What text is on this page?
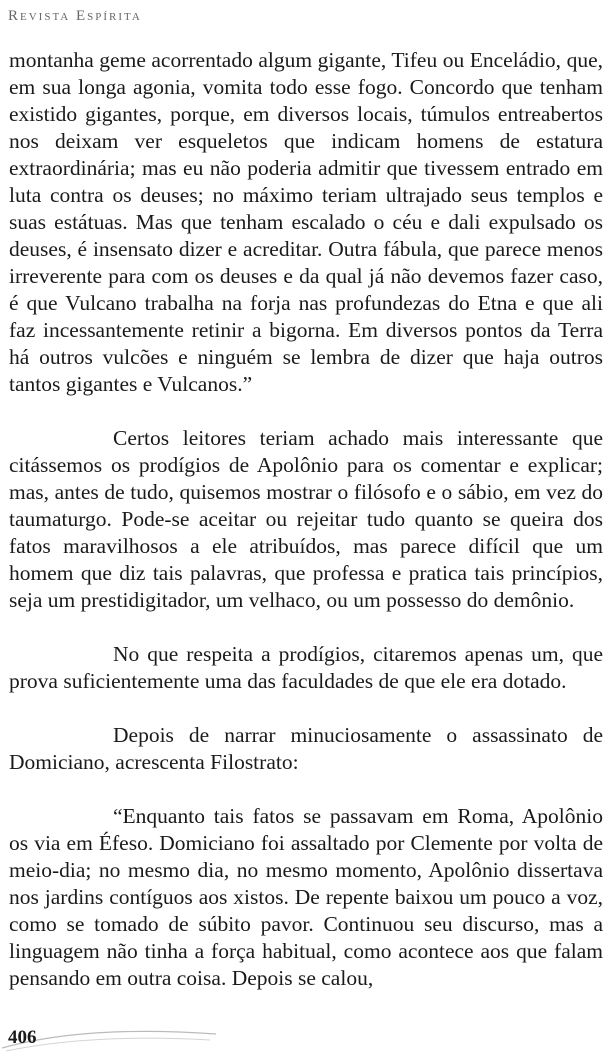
Revista Espírita

montanha geme acorrentado algum gigante, Tifeu ou Enceládio, que, em sua longa agonia, vomita todo esse fogo. Concordo que tenham existido gigantes, porque, em diversos locais, túmulos entreabertos nos deixam ver esqueletos que indicam homens de estatura extraordinária; mas eu não poderia admitir que tivessem entrado em luta contra os deuses; no máximo teriam ultrajado seus templos e suas estátuas. Mas que tenham escalado o céu e dali expulsado os deuses, é insensato dizer e acreditar. Outra fábula, que parece menos irreverente para com os deuses e da qual já não devemos fazer caso, é que Vulcano trabalha na forja nas profundezas do Etna e que ali faz incessantemente retinir a bigorna. Em diversos pontos da Terra há outros vulcões e ninguém se lembra de dizer que haja outros tantos gigantes e Vulcanos.”

Certos leitores teriam achado mais interessante que citássemos os prodígios de Apolônio para os comentar e explicar; mas, antes de tudo, quisemos mostrar o filósofo e o sábio, em vez do taumaturgo. Pode-se aceitar ou rejeitar tudo quanto se queira dos fatos maravilhosos a ele atribuídos, mas parece difícil que um homem que diz tais palavras, que professa e pratica tais princípios, seja um prestidigitador, um velhaco, ou um possesso do demônio.

No que respeita a prodígios, citaremos apenas um, que prova suficientemente uma das faculdades de que ele era dotado.

Depois de narrar minuciosamente o assassinato de Domiciano, acrescenta Filostrato:

“Enquanto tais fatos se passavam em Roma, Apolônio os via em Éfeso. Domiciano foi assaltado por Clemente por volta de meio-dia; no mesmo dia, no mesmo momento, Apolônio dissertava nos jardins contíguos aos xistos. De repente baixou um pouco a voz, como se tomado de súbito pavor. Continuou seu discurso, mas a linguagem não tinha a força habitual, como acontece aos que falam pensando em outra coisa. Depois se calou,

406
